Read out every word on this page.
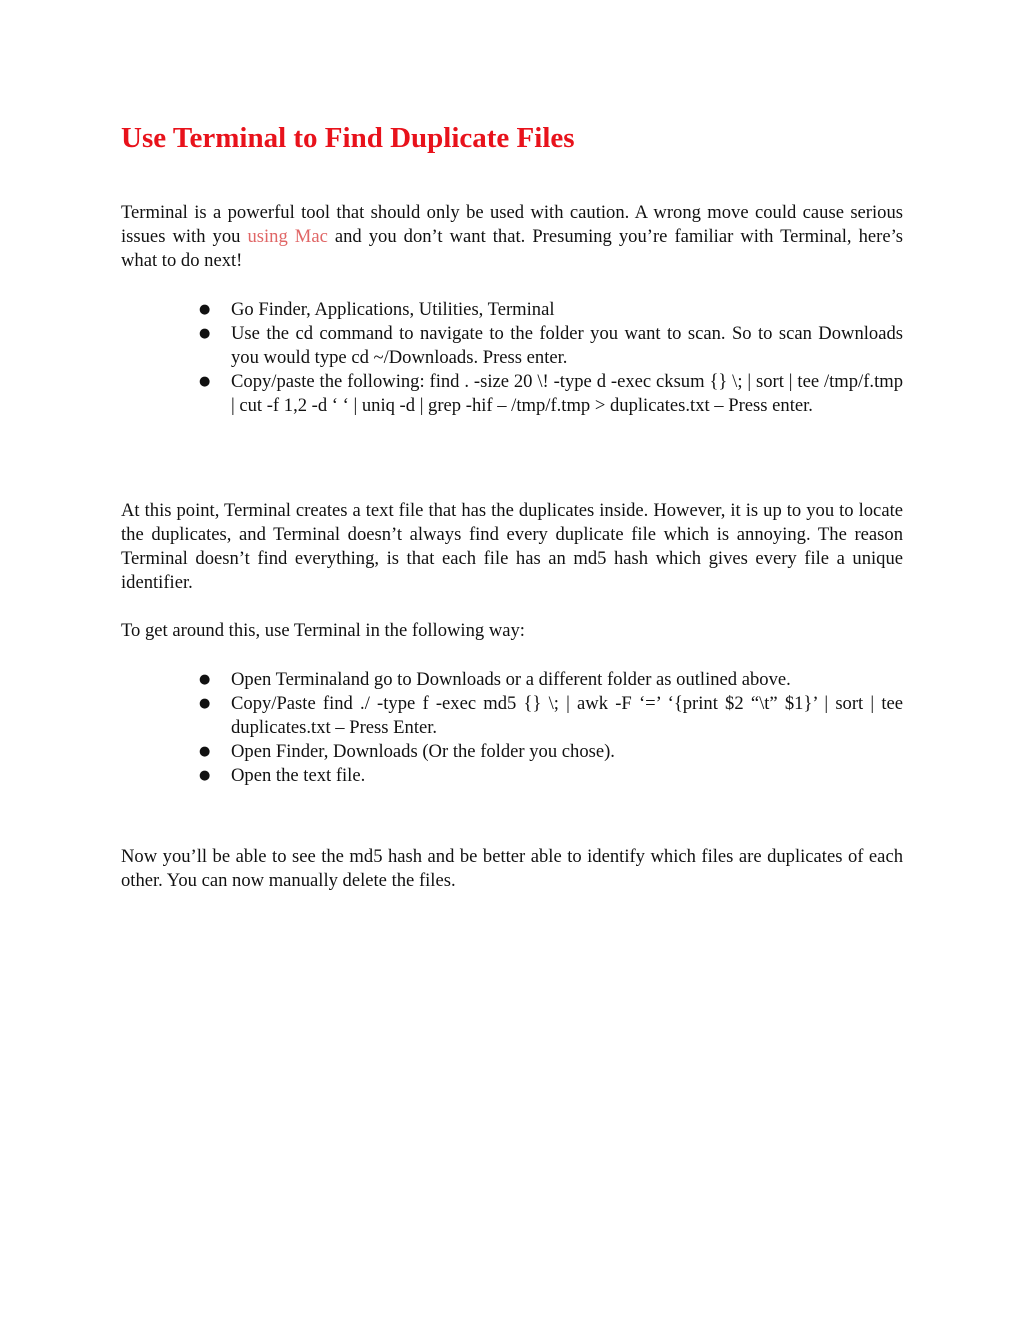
Use Terminal to Find Duplicate Files

Terminal is a powerful tool that should only be used with caution. A wrong move could cause serious issues with you using Mac and you don’t want that. Presuming you’re familiar with Terminal, here’s what to do next!

● Go Finder, Applications, Utilities, Terminal
● Use the cd command to navigate to the folder you want to scan. So to scan Downloads you would type cd ~/Downloads. Press enter.
● Copy/paste the following: find . -size 20 \! -type d -exec cksum {} \; | sort | tee /tmp/f.tmp | cut -f 1,2 -d ‘ ‘ | uniq -d | grep -hif – /tmp/f.tmp > duplicates.txt – Press enter.

At this point, Terminal creates a text file that has the duplicates inside. However, it is up to you to locate the duplicates, and Terminal doesn’t always find every duplicate file which is annoying. The reason Terminal doesn’t find everything, is that each file has an md5 hash which gives every file a unique identifier.

To get around this, use Terminal in the following way:

● Open Terminaland go to Downloads or a different folder as outlined above.
● Copy/Paste find ./ -type f -exec md5 {} \; | awk -F ‘=’ ‘{print $2 “\t” $1}’ | sort | tee duplicates.txt – Press Enter.
● Open Finder, Downloads (Or the folder you chose).
● Open the text file.

Now you’ll be able to see the md5 hash and be better able to identify which files are duplicates of each other. You can now manually delete the files.
